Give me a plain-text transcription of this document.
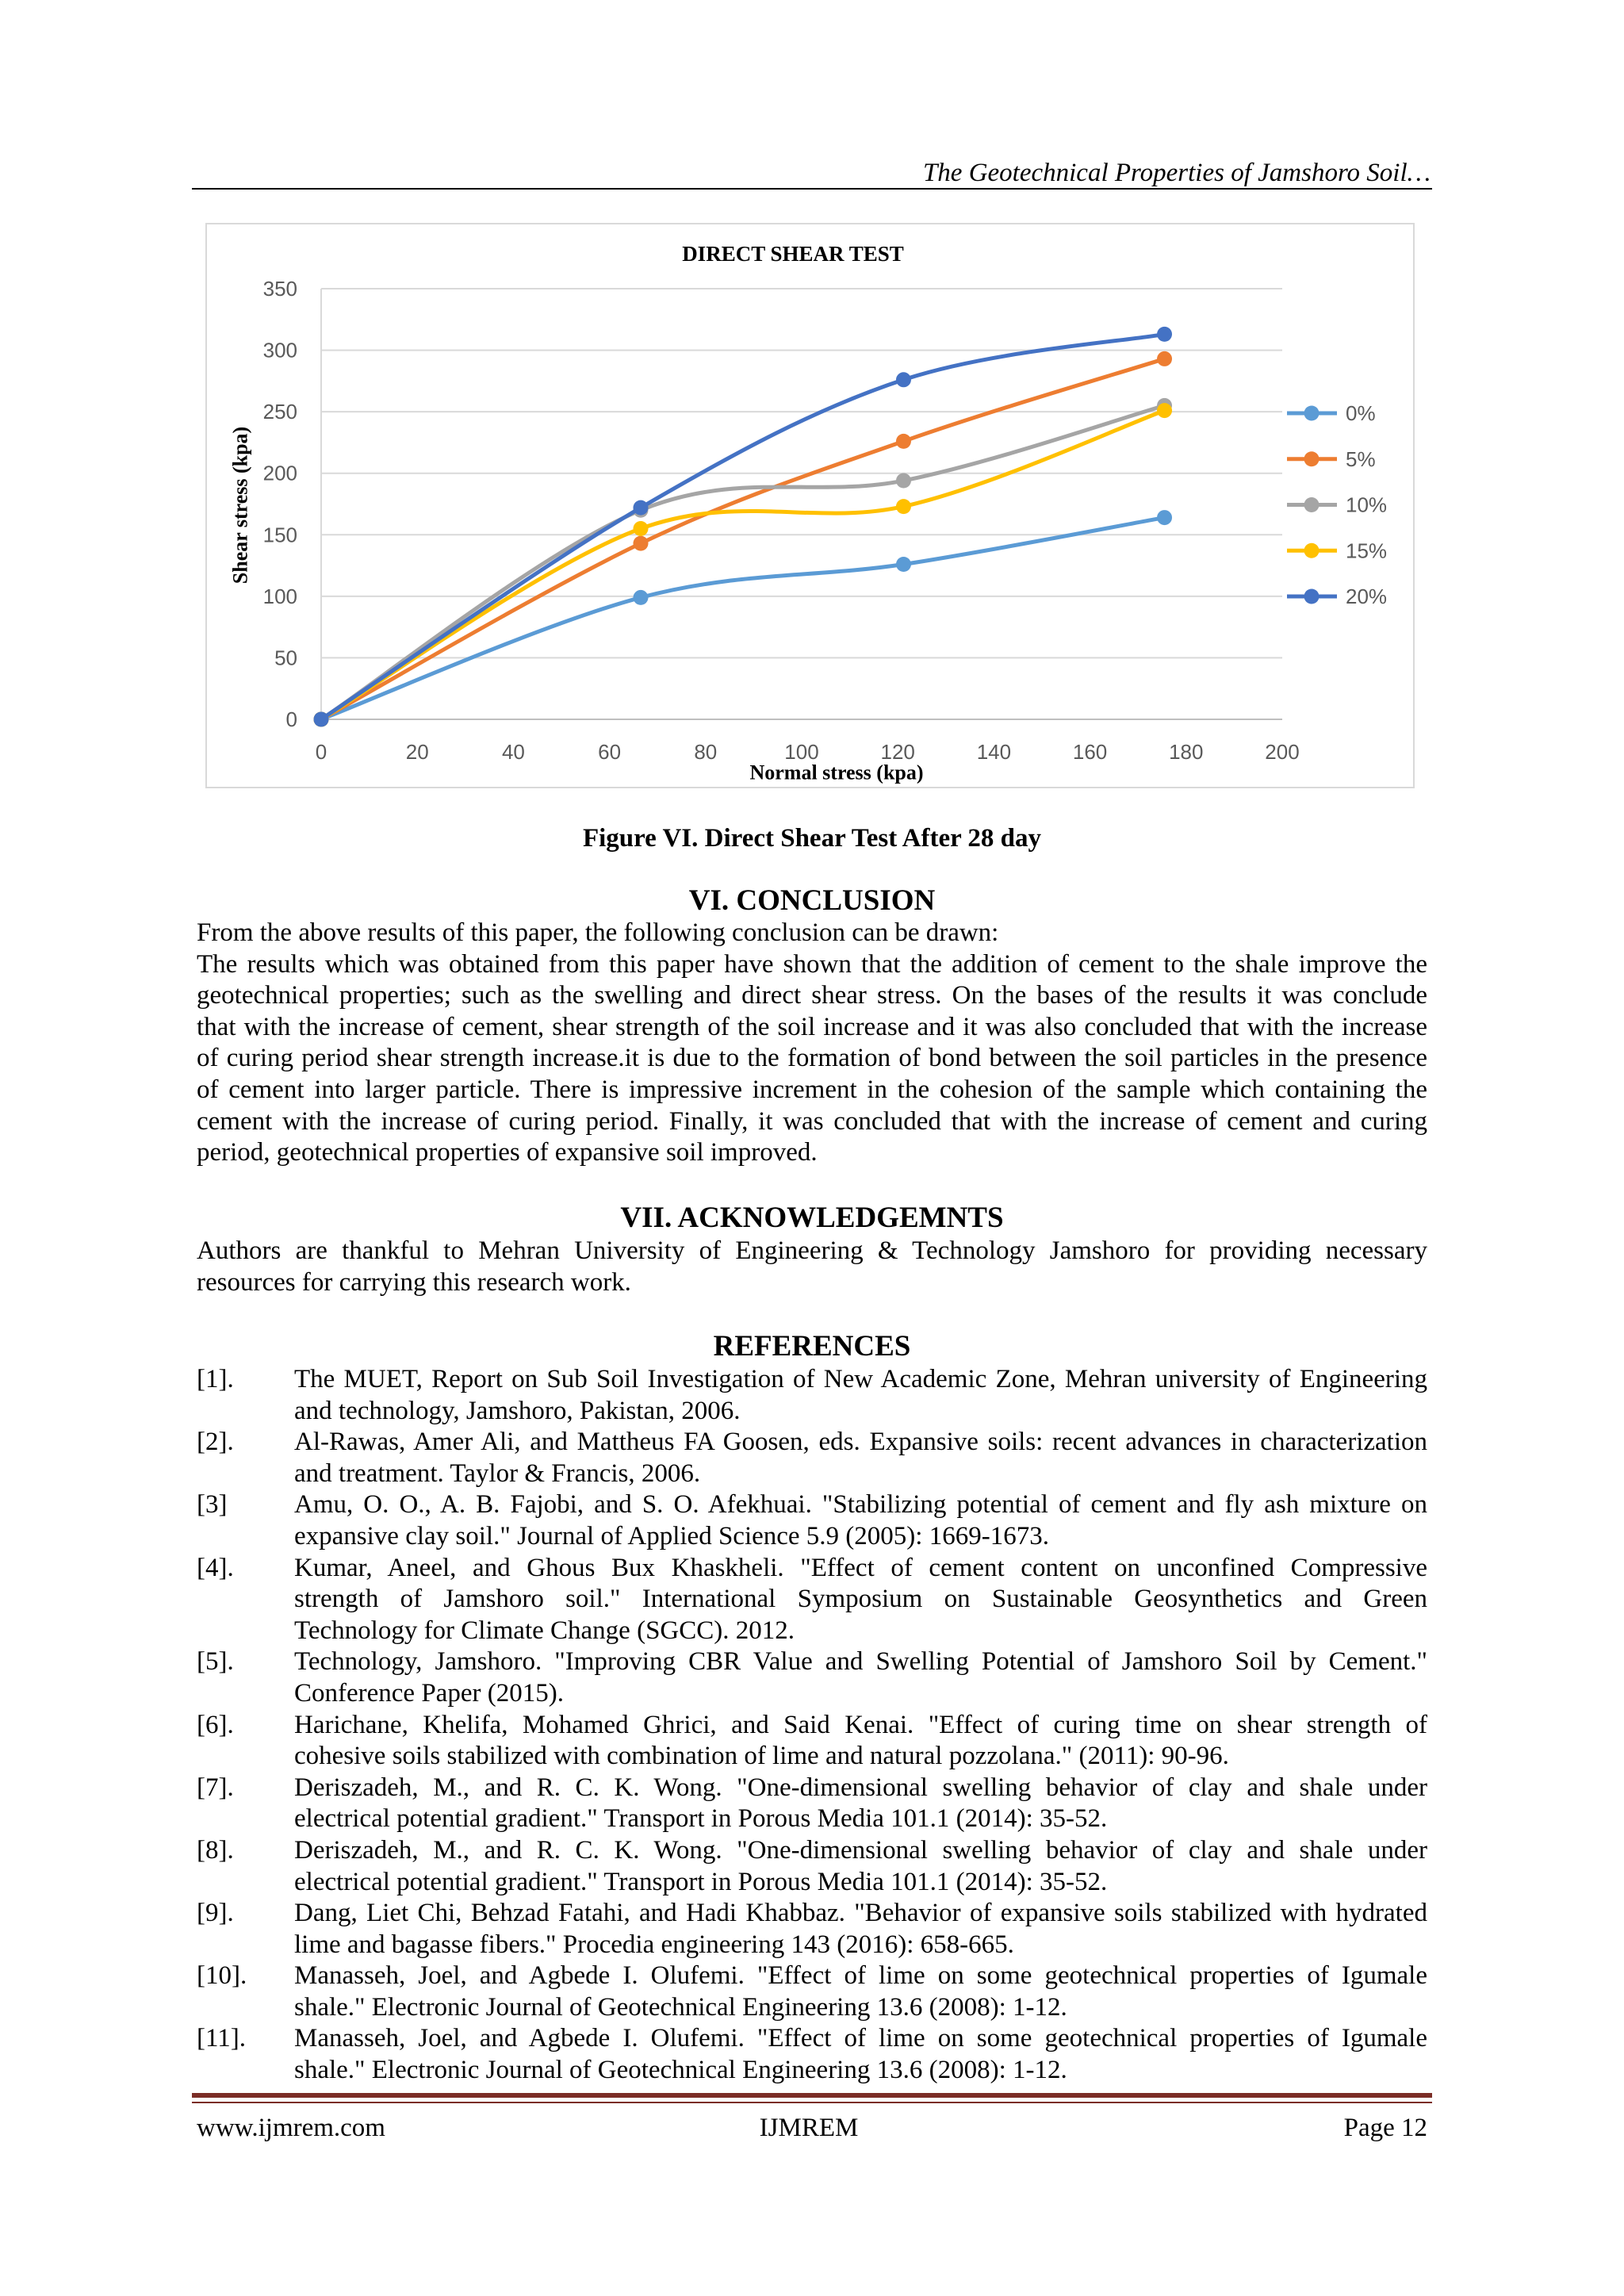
The Geotechnical Properties of Jamshoro Soil…
DIRECT SHEAR TEST
0
50
100
150
200
250
300
350
0	20	40	60	80	100	120	140	160	180	200
0%
5%
10%
15%
20%
Normal stress (kpa)
Shear stress (kpa)
Figure VI. Direct Shear Test After 28 day
VI. CONCLUSION
From the above results of this paper, the following conclusion can be drawn:
The results which was obtained from this paper have shown that the addition of cement to the shale improve the
geotechnical properties; such as the swelling and direct shear stress. On the bases of the results it was conclude
that with the increase of cement, shear strength of the soil increase and it was also concluded that with the increase
of curing period shear strength increase.it is due to the formation of bond between the soil particles in the presence
of cement into larger particle. There is impressive increment in the cohesion of the sample which containing the
cement with the increase of curing period. Finally, it was concluded that with the increase of cement and curing
period, geotechnical properties of expansive soil improved.
VII. ACKNOWLEDGEMNTS
Authors are thankful to Mehran University of Engineering & Technology Jamshoro for providing necessary
resources for carrying this research work.
REFERENCES
[1].	The MUET, Report on Sub Soil Investigation of New Academic Zone, Mehran university of Engineering
and technology, Jamshoro, Pakistan, 2006.
[2].	Al-Rawas, Amer Ali, and Mattheus FA Goosen, eds. Expansive soils: recent advances in characterization
and treatment. Taylor & Francis, 2006.
[3]	Amu, O. O., A. B. Fajobi, and S. O. Afekhuai. "Stabilizing potential of cement and fly ash mixture on
expansive clay soil." Journal of Applied Science 5.9 (2005): 1669-1673.
[4].	Kumar, Aneel, and Ghous Bux Khaskheli. "Effect of cement content on unconfined Compressive
strength of Jamshoro soil." International Symposium on Sustainable Geosynthetics and Green
Technology for Climate Change (SGCC). 2012.
[5].	Technology, Jamshoro. "Improving CBR Value and Swelling Potential of Jamshoro Soil by Cement."
Conference Paper (2015).
[6].	Harichane, Khelifa, Mohamed Ghrici, and Said Kenai. "Effect of curing time on shear strength of
cohesive soils stabilized with combination of lime and natural pozzolana." (2011): 90-96.
[7].	Deriszadeh, M., and R. C. K. Wong. "One-dimensional swelling behavior of clay and shale under
electrical potential gradient." Transport in Porous Media 101.1 (2014): 35-52.
[8].	Deriszadeh, M., and R. C. K. Wong. "One-dimensional swelling behavior of clay and shale under
electrical potential gradient." Transport in Porous Media 101.1 (2014): 35-52.
[9].	Dang, Liet Chi, Behzad Fatahi, and Hadi Khabbaz. "Behavior of expansive soils stabilized with hydrated
lime and bagasse fibers." Procedia engineering 143 (2016): 658-665.
[10].	Manasseh, Joel, and Agbede I. Olufemi. "Effect of lime on some geotechnical properties of Igumale
shale." Electronic Journal of Geotechnical Engineering 13.6 (2008): 1-12.
[11].	Manasseh, Joel, and Agbede I. Olufemi. "Effect of lime on some geotechnical properties of Igumale
shale." Electronic Journal of Geotechnical Engineering 13.6 (2008): 1-12.
www.ijmrem.com	IJMREM	Page 12
